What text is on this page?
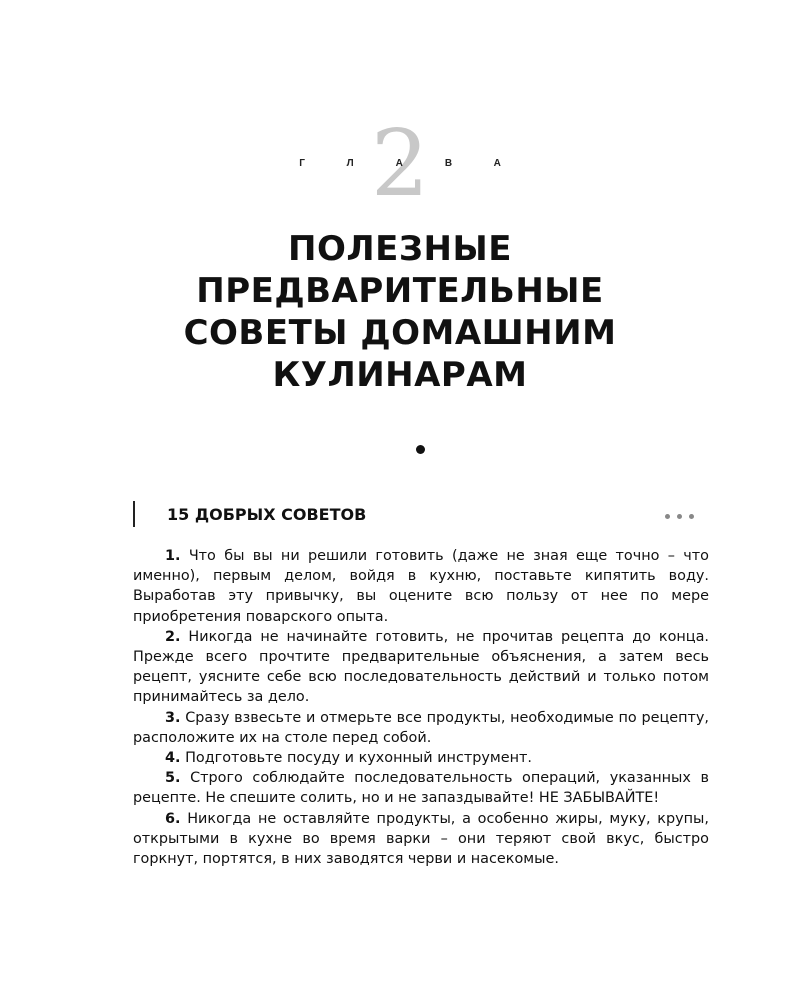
2
ГЛАВА
ПОЛЕЗНЫЕ
ПРЕДВАРИТЕЛЬНЫЕ
СОВЕТЫ ДОМАШНИМ
КУЛИНАРАМ
15 ДОБРЫХ СОВЕТОВ

1. Что бы вы ни решили готовить (даже не зная еще точно – что именно), первым делом, войдя в кухню, поставьте кипятить воду. Выработав эту привычку, вы оцените всю пользу от нее по мере приобретения поварского опыта.

2. Никогда не начинайте готовить, не прочитав рецепта до конца. Прежде всего прочтите предварительные объяснения, а затем весь рецепт, уясните себе всю последовательность действий и только потом принимайтесь за дело.

3. Сразу взвесьте и отмерьте все продукты, необходимые по рецепту, расположите их на столе перед собой.

4. Подготовьте посуду и кухонный инструмент.

5. Строго соблюдайте последовательность операций, указанных в рецепте. Не спешите солить, но и не запаздывайте! НЕ ЗАБЫВАЙТЕ!

6. Никогда не оставляйте продукты, а особенно жиры, муку, крупы, открытыми в кухне во время варки – они теряют свой вкус, быстро горкнут, портятся, в них заводятся черви и насекомые.
